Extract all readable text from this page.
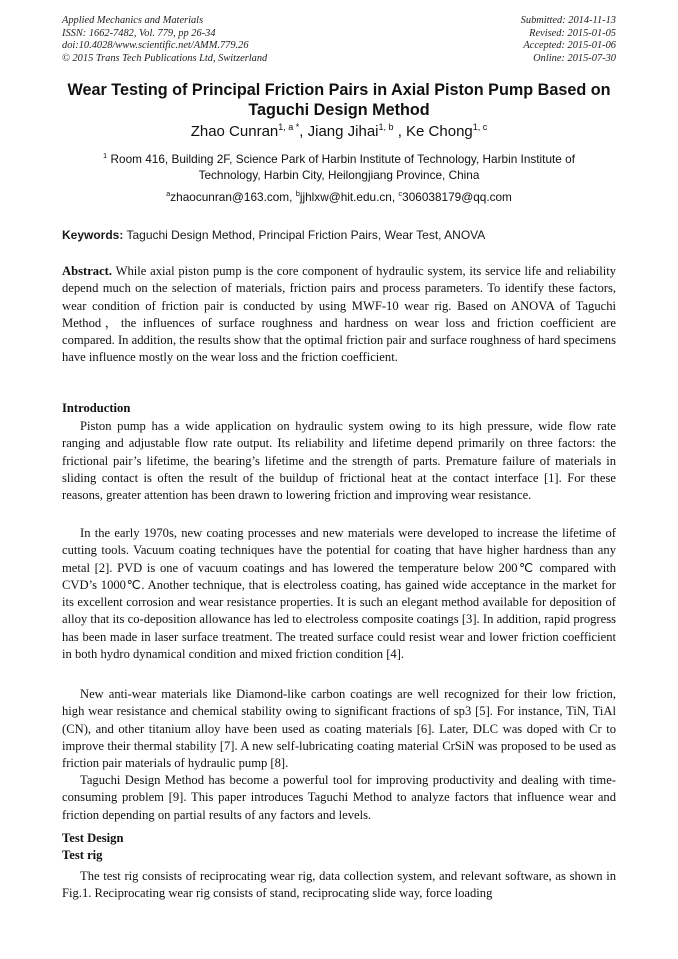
Applied Mechanics and Materials
ISSN: 1662-7482, Vol. 779, pp 26-34
doi:10.4028/www.scientific.net/AMM.779.26
© 2015 Trans Tech Publications Ltd, Switzerland
Submitted: 2014-11-13
Revised: 2015-01-05
Accepted: 2015-01-06
Online: 2015-07-30
Wear Testing of Principal Friction Pairs in Axial Piston Pump Based on
Taguchi Design Method
Zhao Cunran$^{1, a *}$, Jiang Jihai$^{1, b}$ , Ke Chong$^{1, c}$
$^1$ Room 416, Building 2F, Science Park of Harbin Institute of Technology, Harbin Institute of
Technology, Harbin City, Heilongjiang Province, China
$^a$zhaocunran@163.com, $^b$jjhlxw@hit.edu.cn, $^c$306038179@qq.com
Keywords: Taguchi Design Method, Principal Friction Pairs, Wear Test, ANOVA

Abstract. While axial piston pump is the core component of hydraulic system, its service life and reliability depend much on the selection of materials, friction pairs and process parameters. To identify these factors, wear condition of friction pair is conducted by using MWF-10 wear rig. Based on ANOVA of Taguchi Method，the influences of surface roughness and hardness on wear loss and friction coefficient are compared. In addition, the results show that the optimal friction pair and surface roughness of hard specimens have influence mostly on the wear loss and the friction coefficient.

Introduction

Piston pump has a wide application on hydraulic system owing to its high pressure, wide flow rate ranging and adjustable flow rate output. Its reliability and lifetime depend primarily on three factors: the frictional pair’s lifetime, the bearing’s lifetime and the strength of parts. Premature failure of materials in sliding contact is often the result of the buildup of frictional heat at the contact interface [1]. For these reasons, greater attention has been drawn to lowering friction and improving wear resistance.

In the early 1970s, new coating processes and new materials were developed to increase the lifetime of cutting tools. Vacuum coating techniques have the potential for coating that have higher hardness than any metal [2]. PVD is one of vacuum coatings and has lowered the temperature below 200℃ compared with CVD’s 1000℃. Another technique, that is electroless coating, has gained wide acceptance in the market for its excellent corrosion and wear resistance properties. It is such an elegant method available for deposition of alloy that its co-deposition allowance has led to electroless composite coatings [3]. In addition, rapid progress has been made in laser surface treatment. The treated surface could resist wear and lower friction coefficient in both hydro dynamical condition and mixed friction condition [4].

New anti-wear materials like Diamond-like carbon coatings are well recognized for their low friction, high wear resistance and chemical stability owing to significant fractions of sp3 [5]. For instance, TiN, TiAl (CN), and other titanium alloy have been used as coating materials [6]. Later, DLC was doped with Cr to improve their thermal stability [7]. A new self-lubricating coating material CrSiN was proposed to be used as friction pair materials of hydraulic pump [8].

Taguchi Design Method has become a powerful tool for improving productivity and dealing with time-consuming problem [9]. This paper introduces Taguchi Method to analyze factors that influence wear and friction depending on partial results of any factors and levels.

Test Design
Test rig

The test rig consists of reciprocating wear rig, data collection system, and relevant software, as shown in Fig.1. Reciprocating wear rig consists of stand, reciprocating slide way, force loading
